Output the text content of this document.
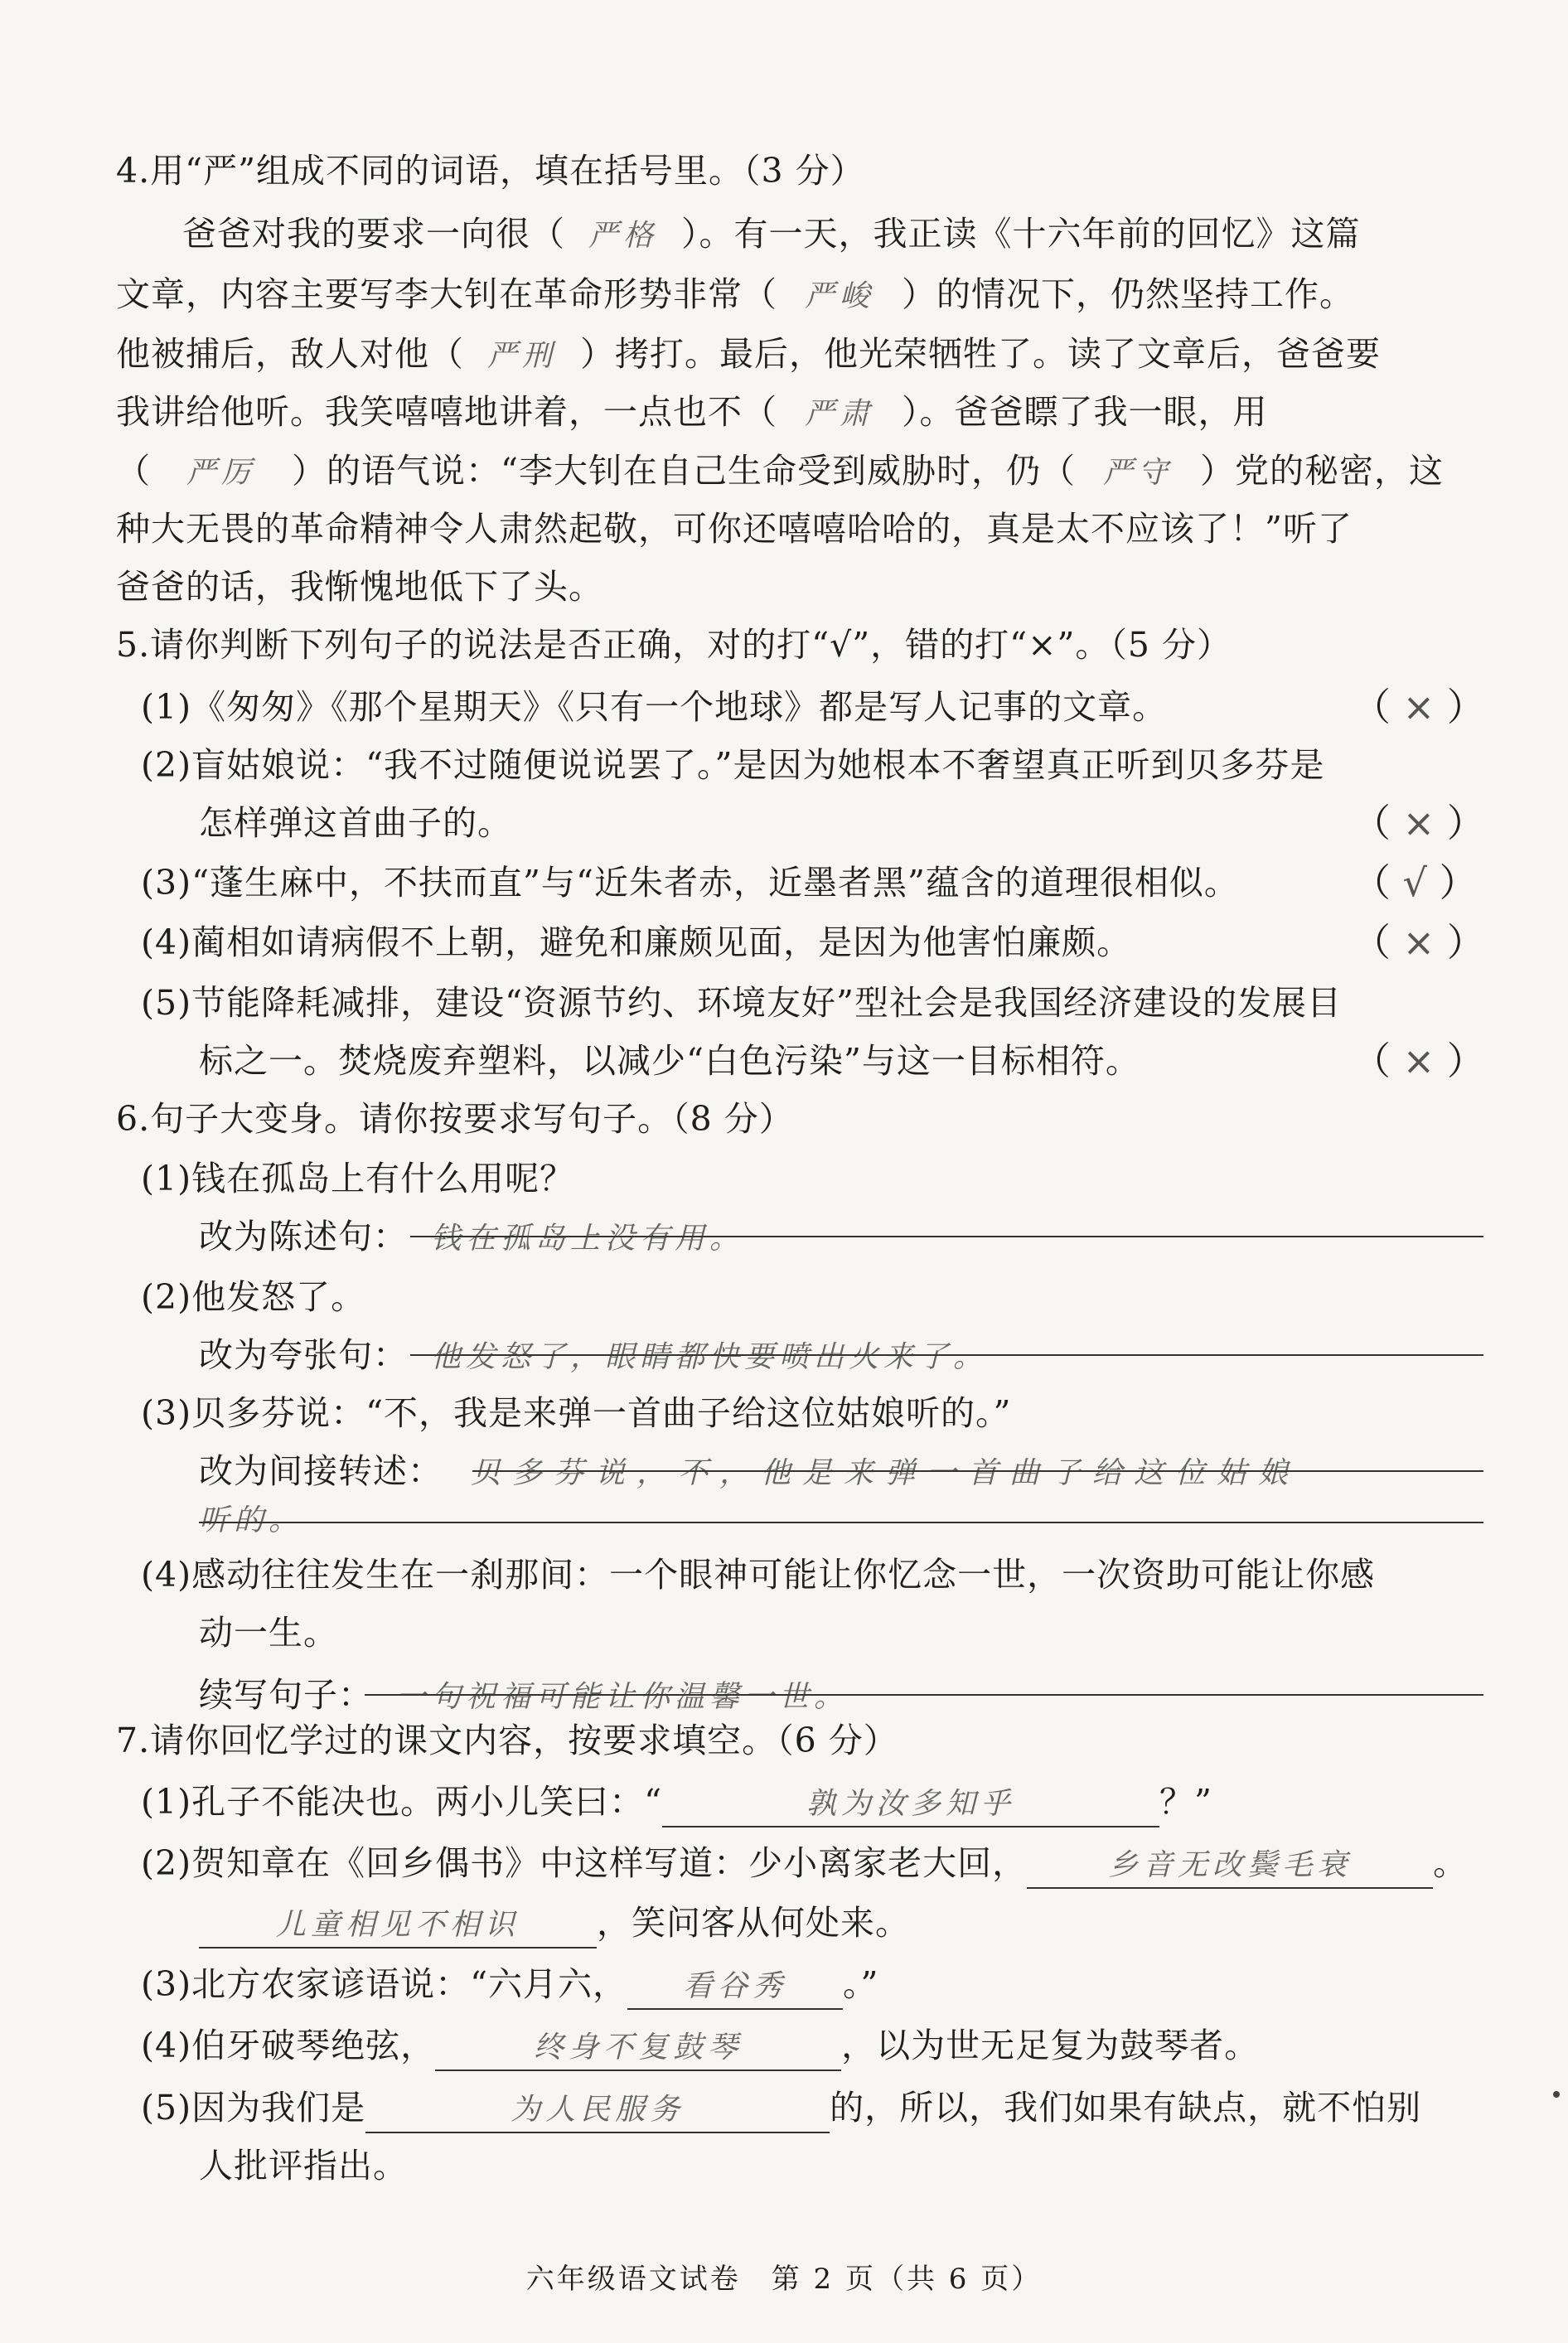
4.用“严”组成不同的词语，填在括号里。（3 分）
爸爸对我的要求一向很（ 严格 ）。有一天，我正读《十六年前的回忆》这篇
文章，内容主要写李大钊在革命形势非常（ 严峻 ）的情况下，仍然坚持工作。
他被捕后，敌人对他（ 严刑 ）拷打。最后，他光荣牺牲了。读了文章后，爸爸要
我讲给他听。我笑嘻嘻地讲着，一点也不（ 严肃 ）。爸爸瞟了我一眼，用
（ 严厉 ）的语气说：“李大钊在自己生命受到威胁时，仍（ 严守 ）党的秘密，这
种大无畏的革命精神令人肃然起敬，可你还嘻嘻哈哈的，真是太不应该了！”听了
爸爸的话，我惭愧地低下了头。
5.请你判断下列句子的说法是否正确，对的打“√”，错的打“×”。（5 分）
(1)《匆匆》《那个星期天》《只有一个地球》都是写人记事的文章。	（ × ）
(2)盲姑娘说：“我不过随便说说罢了。”是因为她根本不奢望真正听到贝多芬是
怎样弹这首曲子的。	（ × ）
(3)“蓬生麻中，不扶而直”与“近朱者赤，近墨者黑”蕴含的道理很相似。	（ √ ）
(4)蔺相如请病假不上朝，避免和廉颇见面，是因为他害怕廉颇。	（ × ）
(5)节能降耗减排，建设“资源节约、环境友好”型社会是我国经济建设的发展目
标之一。焚烧废弃塑料，以减少“白色污染”与这一目标相符。	（ × ）
6.句子大变身。请你按要求写句子。（8 分）
(1)钱在孤岛上有什么用呢？
改为陈述句： 钱在孤岛上没有用。
(2)他发怒了。
改为夸张句： 他发怒了，眼睛都快要喷出火来了。
(3)贝多芬说：“不，我是来弹一首曲子给这位姑娘听的。”
改为间接转述： 贝多芬说，不，他是来弹一首曲子给这位姑娘
听的。
(4)感动往往发生在一刹那间：一个眼神可能让你忆念一世，一次资助可能让你感
动一生。
续写句子： 一句祝福可能让你温馨一世。
7.请你回忆学过的课文内容，按要求填空。（6 分）
(1)孔子不能决也。两小儿笑曰：“	孰为汝多知乎	？”
(2)贺知章在《回乡偶书》中这样写道：少小离家老大回，	乡音无改鬓毛衰 。
儿童相见不相识 ，笑问客从何处来。
(3)北方农家谚语说：“六月六， 看谷秀 。”
(4)伯牙破琴绝弦，	终身不复鼓琴	，以为世无足复为鼓琴者。
(5)因为我们是	为人民服务	的，所以，我们如果有缺点，就不怕别
人批评指出。
六年级语文试卷　第 2 页（共 6 页）
